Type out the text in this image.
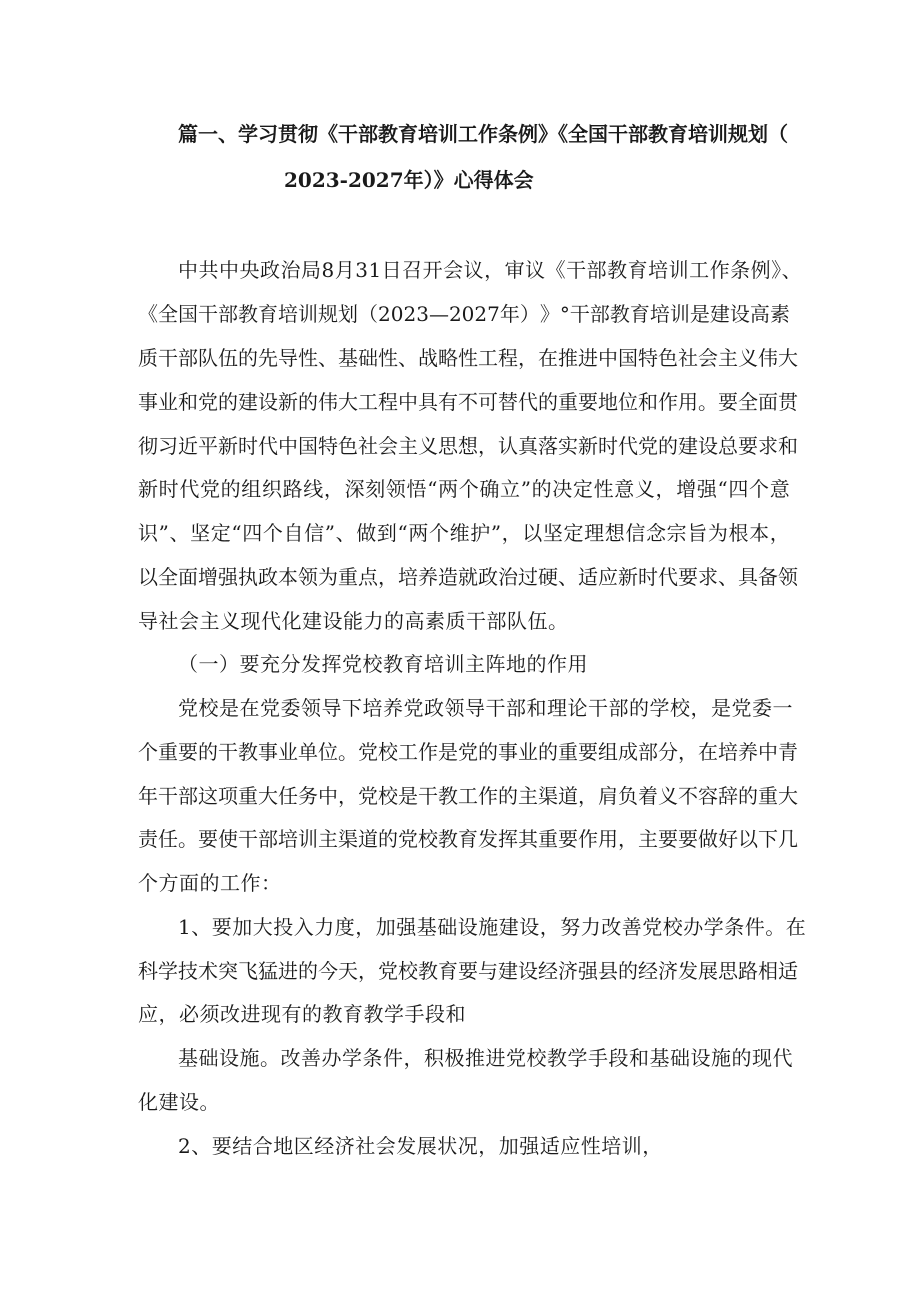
篇一、学习贯彻《干部教育培训工作条例》《全国干部教育培训规划（
2023-2027年）》心得体会
中共中央政治局8月31日召开会议，审议《干部教育培训工作条例》、
《 全 国 干 部 教 育 培 训 规 划 （ 2 0 2 3 — 2 0 2 7 年 ） 》 ° 干 部 教 育 培 训 是 建 设 高 素
质 干 部 队 伍 的 先 导 性 、 基 础 性 、 战 略 性 工 程 ， 在 推 进 中 国 特 色 社 会 主 义 伟 大
事 业 和 党 的 建 设 新 的 伟 大 工 程 中 具 有 不 可 替 代 的 重 要 地 位 和 作 用 。 要 全 面 贯
彻 习 近 平 新 时 代 中 国 特 色 社 会 主 义 思 想 ， 认 真 落 实 新 时 代 党 的 建 设 总 要 求 和
新 时 代 党 的 组 织 路 线 ， 深 刻 领 悟 “ 两 个 确 立 ” 的 决 定 性 意 义 ， 增 强 “ 四 个 意
识 ” 、 坚 定 “ 四 个 自 信 ” 、 做 到 “ 两 个 维 护 ” ， 以 坚 定 理 想 信 念 宗 旨 为 根 本 ，
以 全 面 增 强 执 政 本 领 为 重 点 ， 培 养 造 就 政 治 过 硬 、 适 应 新 时 代 要 求 、 具 备 领
导社会主义现代化建设能力的高素质干部队伍。
（一）要充分发挥党校教育培训主阵地的作用
党校是在党委领导下培养党政领导干部和理论干部的学校，是党委一
个 重 要 的 干 教 事 业 单 位 。 党 校 工 作 是 党 的 事 业 的 重 要 组 成 部 分 ， 在 培 养 中 青
年 干 部 这 项 重 大 任 务 中 ， 党 校 是 干 教 工 作 的 主 渠 道 ， 肩 负 着 义 不 容 辞 的 重 大
责 任 。 要 使 干 部 培 训 主 渠 道 的 党 校 教 育 发 挥 其 重 要 作 用 ， 主 要 要 做 好 以 下 几
个方面的工作：
1、要加大投入力度，加强基础设施建设，努力改善党校办学条件。在
科 学 技 术 突 飞 猛 进 的 今 天 ， 党 校 教 育 要 与 建 设 经 济 强 县 的 经 济 发 展 思 路 相 适
应，必须改进现有的教育教学手段和
基础设施。改善办学条件，积极推进党校教学手段和基础设施的现代
化建设。
2、要结合地区经济社会发展状况，加强适应性培训，
